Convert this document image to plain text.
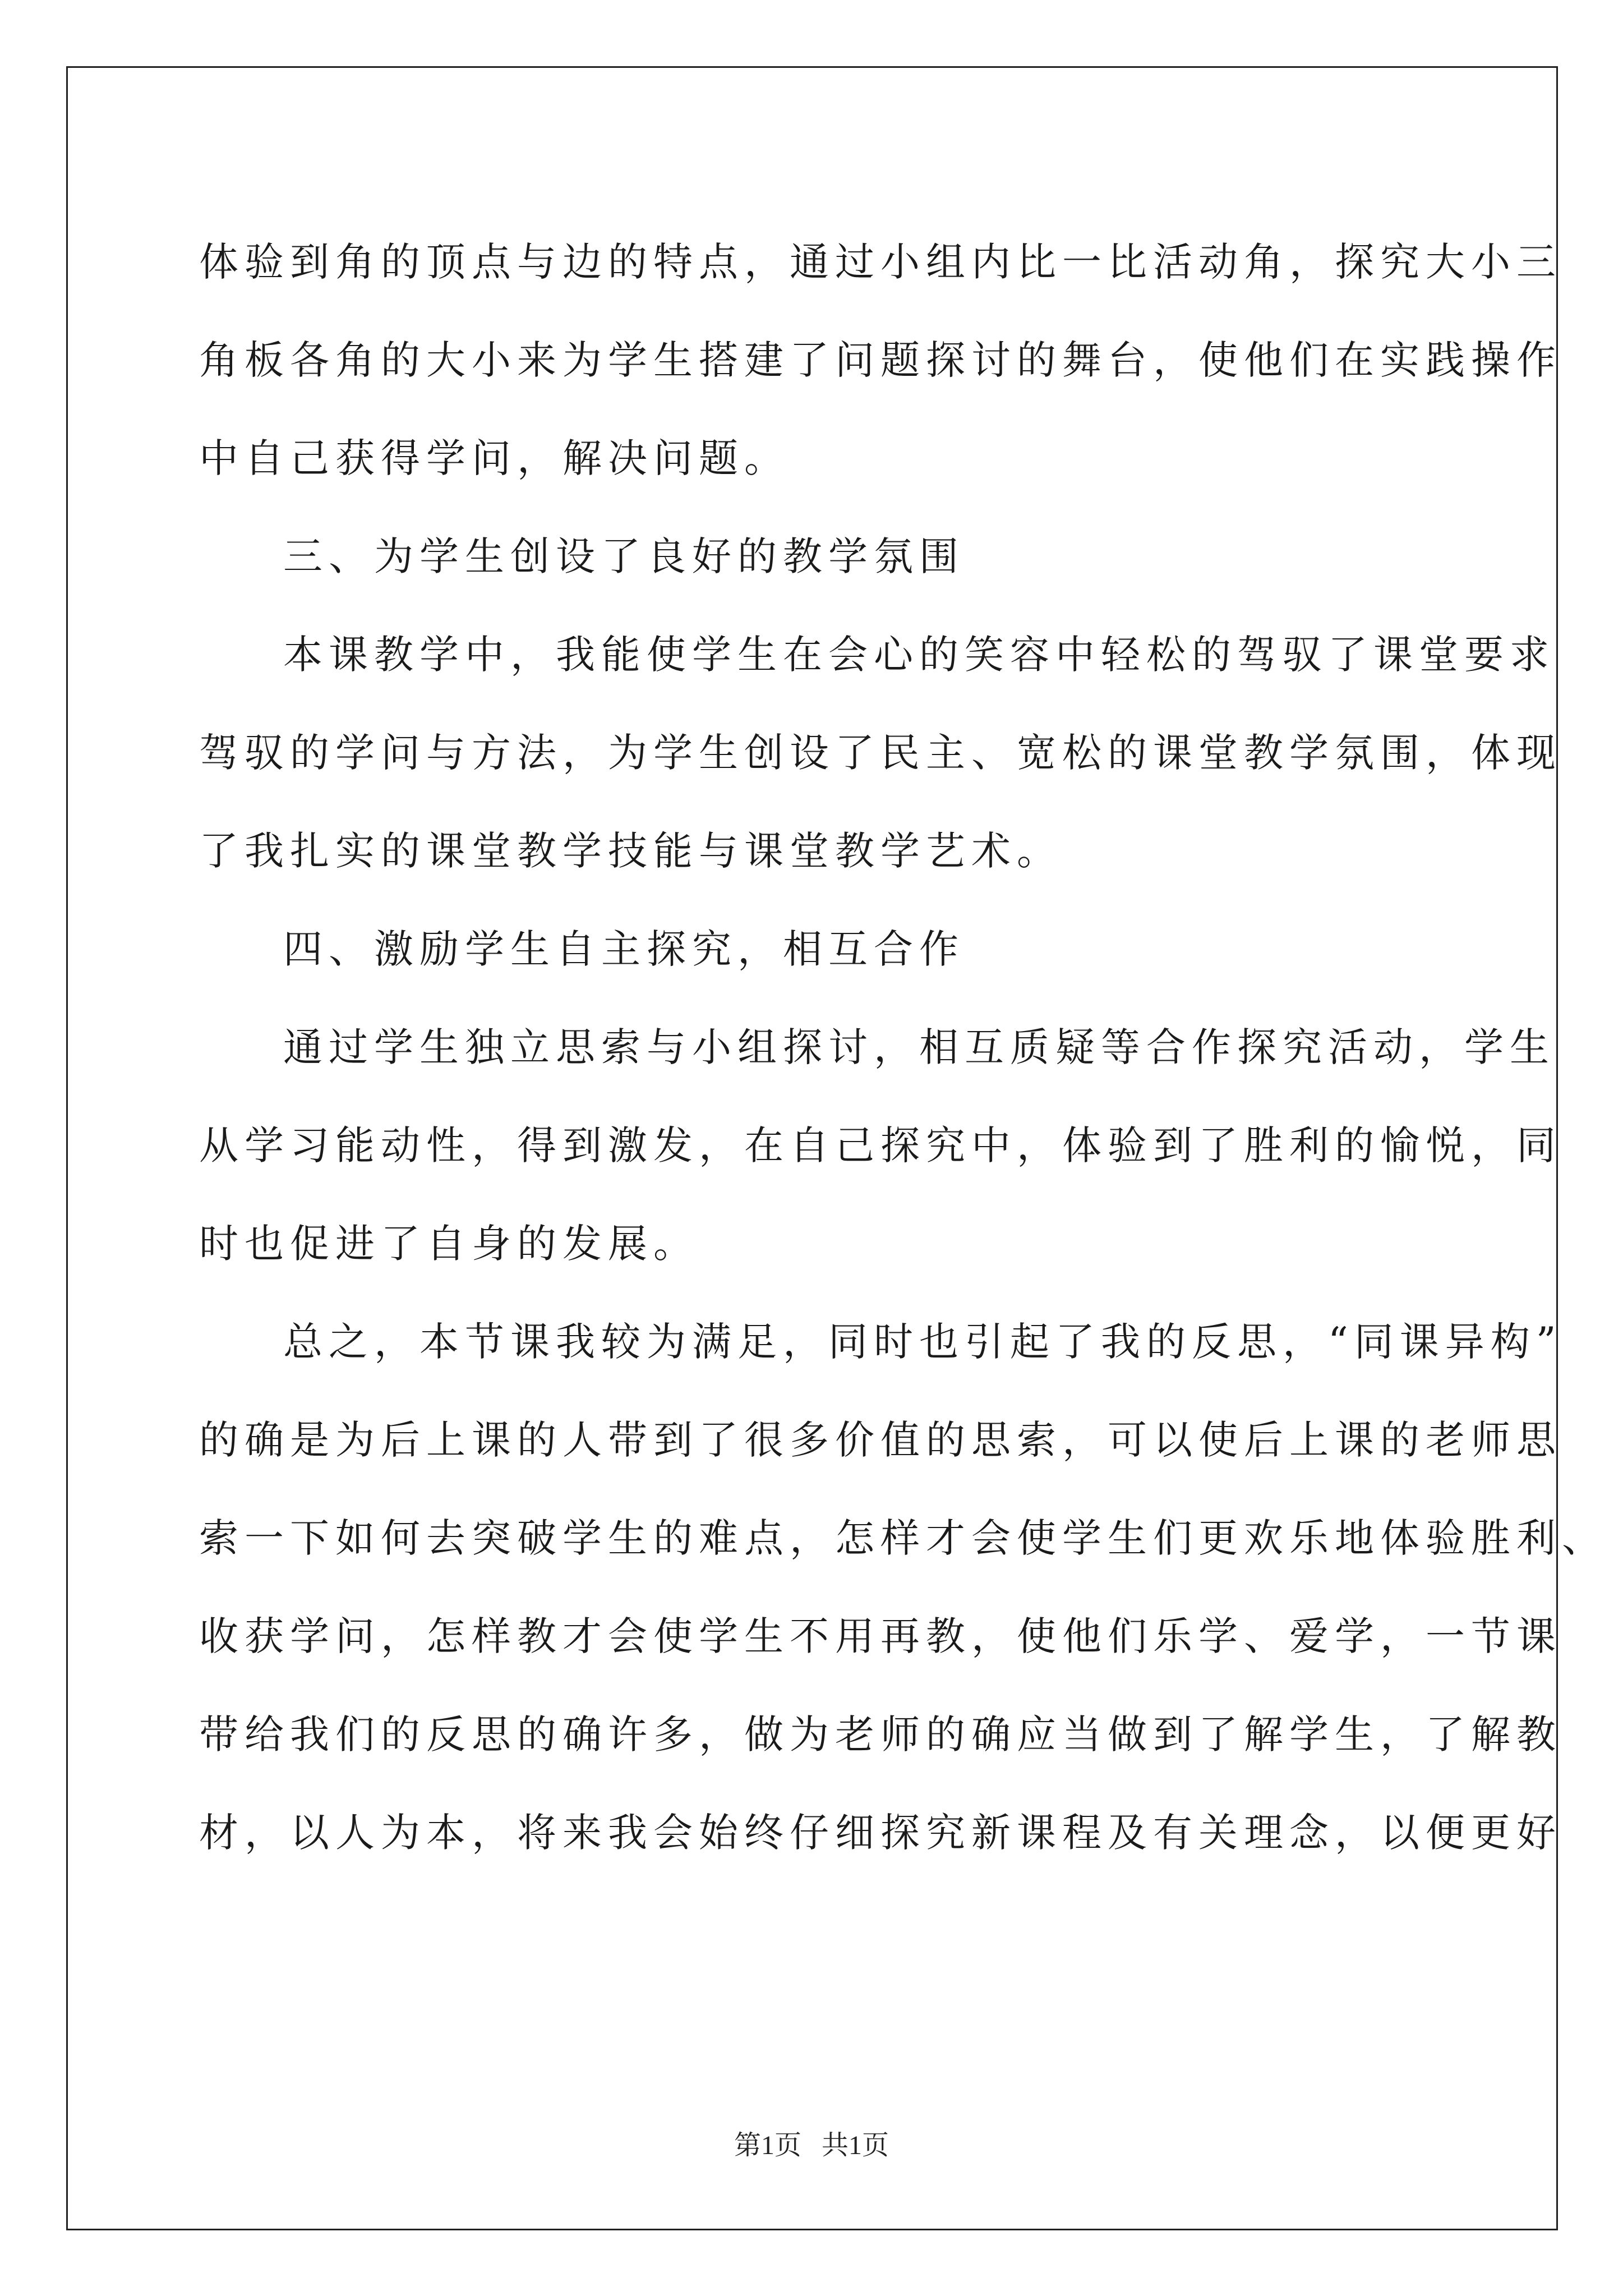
体验到角的顶点与边的特点，通过小组内比一比活动角，探究大小三
角板各角的大小来为学生搭建了问题探讨的舞台，使他们在实践操作
中自己获得学问，解决问题。
三、为学生创设了良好的教学氛围
本课教学中，我能使学生在会心的笑容中轻松的驾驭了课堂要求
驾驭的学问与方法，为学生创设了民主、宽松的课堂教学氛围，体现
了我扎实的课堂教学技能与课堂教学艺术。
四、激励学生自主探究，相互合作
通过学生独立思索与小组探讨，相互质疑等合作探究活动，学生
从学习能动性，得到激发，在自己探究中，体验到了胜利的愉悦，同
时也促进了自身的发展。
总之，本节课我较为满足，同时也引起了我的反思，“同课异构”
的确是为后上课的人带到了很多价值的思索，可以使后上课的老师思
索一下如何去突破学生的难点，怎样才会使学生们更欢乐地体验胜利、
收获学问，怎样教才会使学生不用再教，使他们乐学、爱学，一节课
带给我们的反思的确许多，做为老师的确应当做到了解学生，了解教
材，以人为本，将来我会始终仔细探究新课程及有关理念，以便更好
第1页   共1页
